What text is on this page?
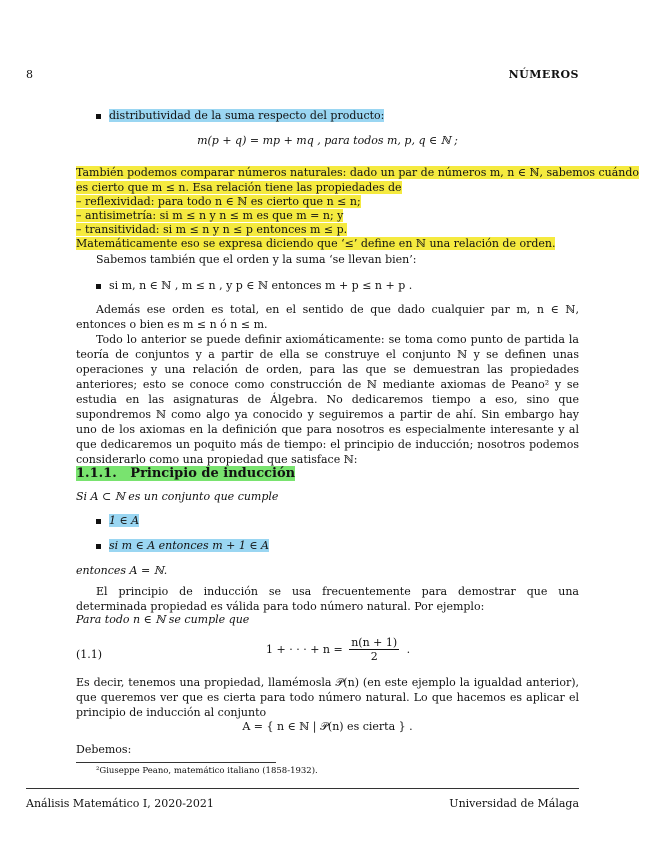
8	NÚMEROS
distributividad de la suma respecto del producto:
m(p + q) = mp + mq , para todos m, p, q ∈ ℕ ;
También podemos comparar números naturales: dado un par de números m, n ∈ ℕ, sabemos cuándo
es cierto que m ≤ n. Esa relación tiene las propiedades de
– reflexividad: para todo n ∈ ℕ es cierto que n ≤ n;
– antisimetría: si m ≤ n y n ≤ m es que m = n; y
– transitividad: si m ≤ n y n ≤ p entonces m ≤ p.
Matemáticamente eso se expresa diciendo que ‘≤’ define en ℕ una relación de orden.
Sabemos también que el orden y la suma ‘se llevan bien’:
si m, n ∈ ℕ , m ≤ n , y p ∈ ℕ entonces m + p ≤ n + p .
Además ese orden es total, en el sentido de que dado cualquier par m, n ∈ ℕ, entonces o bien es m ≤ n ó n ≤ m.
Todo lo anterior se puede definir axiomáticamente: se toma como punto de partida la teoría de conjuntos y a partir de ella se construye el conjunto ℕ y se definen unas operaciones y una relación de orden, para las que se demuestran las propiedades anteriores; esto se conoce como construcción de ℕ mediante axiomas de Peano² y se estudia en las asignaturas de Álgebra. No dedicaremos tiempo a eso, sino que supondremos ℕ como algo ya conocido y seguiremos a partir de ahí. Sin embargo hay uno de los axiomas en la definición que para nosotros es especialmente interesante y al que dedicaremos un poquito más de tiempo: el principio de inducción; nosotros podemos considerarlo como una propiedad que satisface ℕ:
1.1.1. Principio de inducción
Si A ⊂ ℕ es un conjunto que cumple
1 ∈ A
si m ∈ A entonces m + 1 ∈ A
entonces A = ℕ.
El principio de inducción se usa frecuentemente para demostrar que una determinada propiedad es válida para todo número natural. Por ejemplo:
Para todo n ∈ ℕ se cumple que
(1.1)	1 + · · · + $n = \frac{n(n + 1)}{2}$ .
Es decir, tenemos una propiedad, llamémosla 𝒫(n) (en este ejemplo la igualdad anterior), que queremos ver que es cierta para todo número natural. Lo que hacemos es aplicar el principio de inducción al conjunto
A = { n ∈ ℕ | 𝒫(n) es cierta } .
Debemos:
²Giuseppe Peano, matemático italiano (1858-1932).
Análisis Matemático I, 2020-2021	Universidad de Málaga
